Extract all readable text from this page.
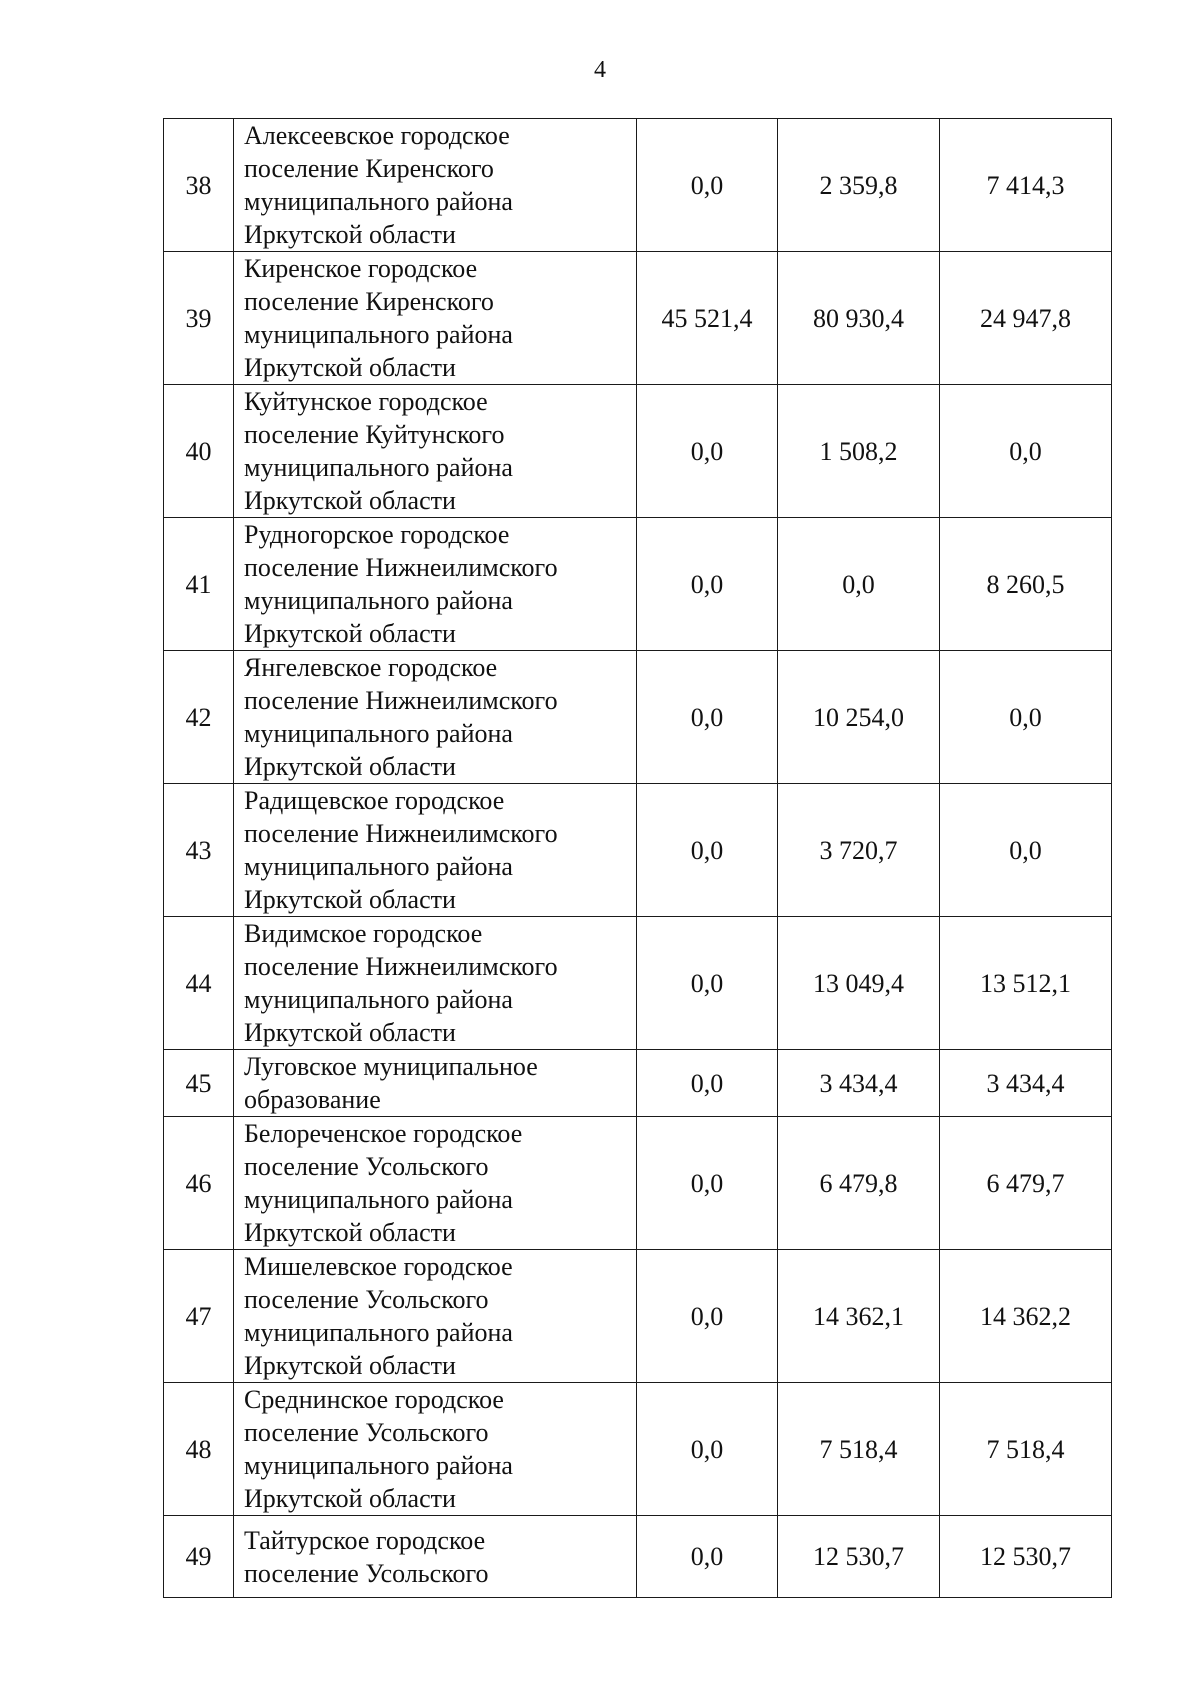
4
38	Алексеевское городское
поселение Киренского
муниципального района
Иркутской области	0,0	2 359,8	7 414,3
39	Киренское городское
поселение Киренского
муниципального района
Иркутской области	45 521,4	80 930,4	24 947,8
40	Куйтунское городское
поселение Куйтунского
муниципального района
Иркутской области	0,0	1 508,2	0,0
41	Рудногорское городское
поселение Нижнеилимского
муниципального района
Иркутской области	0,0	0,0	8 260,5
42	Янгелевское городское
поселение Нижнеилимского
муниципального района
Иркутской области	0,0	10 254,0	0,0
43	Радищевское городское
поселение Нижнеилимского
муниципального района
Иркутской области	0,0	3 720,7	0,0
44	Видимское городское
поселение Нижнеилимского
муниципального района
Иркутской области	0,0	13 049,4	13 512,1
45	Луговское муниципальное
образование	0,0	3 434,4	3 434,4
46	Белореченское городское
поселение Усольского
муниципального района
Иркутской области	0,0	6 479,8	6 479,7
47	Мишелевское городское
поселение Усольского
муниципального района
Иркутской области	0,0	14 362,1	14 362,2
48	Среднинское городское
поселение Усольского
муниципального района
Иркутской области	0,0	7 518,4	7 518,4
49	Тайтурское городское
поселение Усольского	0,0	12 530,7	12 530,7
